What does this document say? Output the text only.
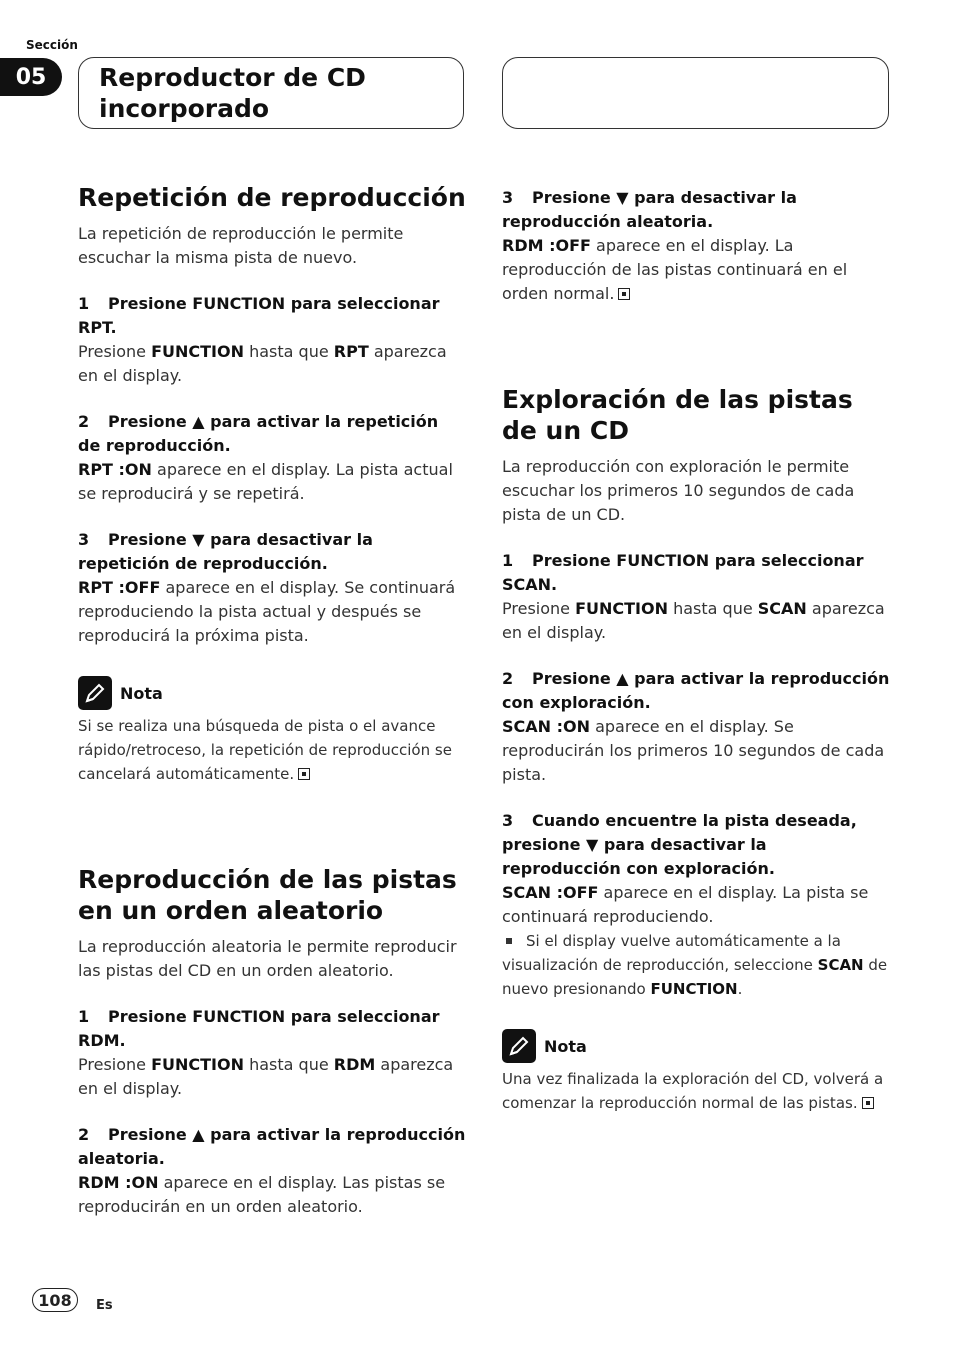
Sección
05	Reproductor de CD
incorporado
Repetición de reproducción

La repetición de reproducción le permite escuchar la misma pista de nuevo.

1 Presione FUNCTION para seleccionar RPT.

Presione FUNCTION hasta que RPT aparezca en el display.

2 Presione ▲ para activar la repetición de reproducción.

RPT :ON aparece en el display. La pista actual se reproducirá y se repetirá.

3 Presione ▼ para desactivar la repetición de reproducción.

RPT :OFF aparece en el display. Se continuará reproduciendo la pista actual y después se reproducirá la próxima pista.

Nota

Si se realiza una búsqueda de pista o el avance rápido/retroceso, la repetición de reproducción se cancelará automáticamente.

Reproducción de las pistas en un orden aleatorio

La reproducción aleatoria le permite reproducir las pistas del CD en un orden aleatorio.

1 Presione FUNCTION para seleccionar RDM.

Presione FUNCTION hasta que RDM aparezca en el display.

2 Presione ▲ para activar la reproducción aleatoria.

RDM :ON aparece en el display. Las pistas se reproducirán en un orden aleatorio.

3 Presione ▼ para desactivar la reproducción aleatoria.

RDM :OFF aparece en el display. La reproducción de las pistas continuará en el orden normal.

Exploración de las pistas de un CD

La reproducción con exploración le permite escuchar los primeros 10 segundos de cada pista de un CD.

1 Presione FUNCTION para seleccionar SCAN.

Presione FUNCTION hasta que SCAN aparezca en el display.

2 Presione ▲ para activar la reproducción con exploración.

SCAN :ON aparece en el display. Se reproducirán los primeros 10 segundos de cada pista.

3 Cuando encuentre la pista deseada, presione ▼ para desactivar la reproducción con exploración.

SCAN :OFF aparece en el display. La pista se continuará reproduciendo.

Si el display vuelve automáticamente a la visualización de reproducción, seleccione SCAN de nuevo presionando FUNCTION.

Nota

Una vez finalizada la exploración del CD, volverá a comenzar la reproducción normal de las pistas.

108	Es
